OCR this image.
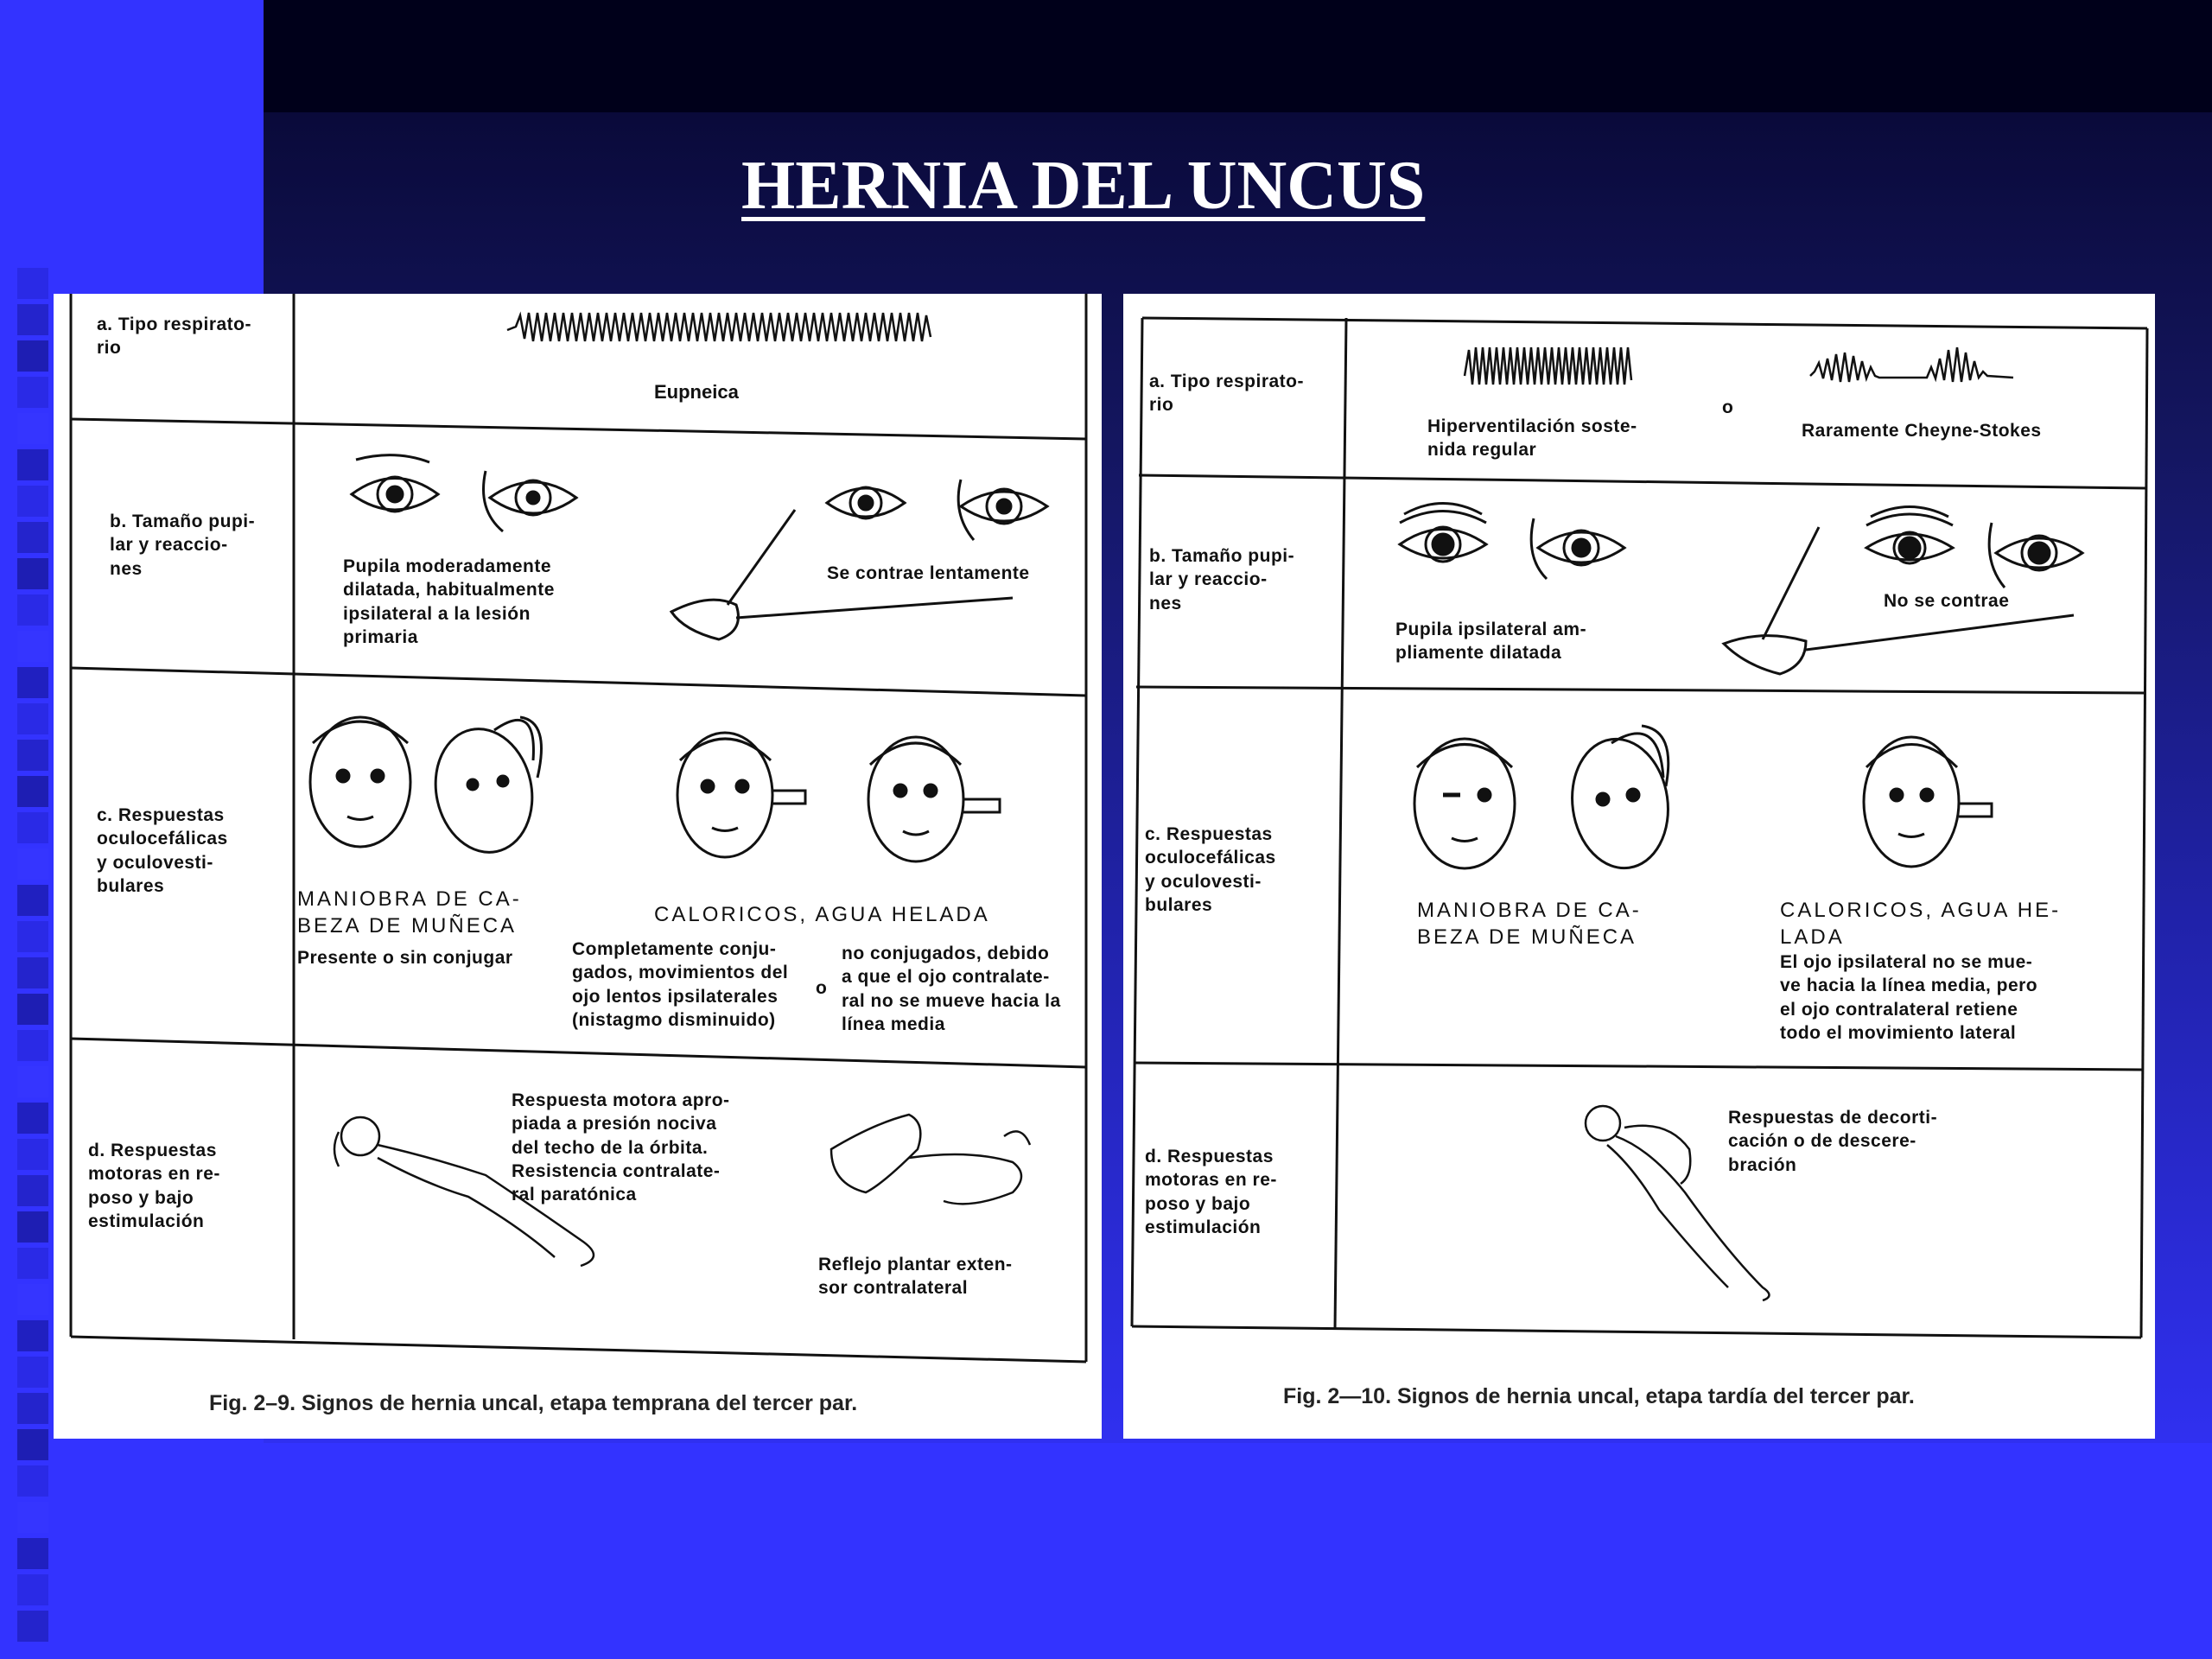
HERNIA DEL UNCUS
a. Tipo respirato-
rio
Eupneica
b. Tamaño pupi-
lar y reaccio-
nes	Pupila moderadamente
dilatada, habitualmente
ipsilateral a la lesión
primaria
Se contrae lentamente
c. Respuestas
oculocefálicas
y oculovesti-
bulares
MANIOBRA DE CA-
BEZA DE MUÑECA
Presente o sin conjugar
CALORICOS, AGUA HELADA
Completamente conju-
gados, movimientos del
ojo lentos ipsilaterales
(nistagmo disminuido)
o
no conjugados, debido
a que el ojo contralate-
ral no se mueve hacia la
línea media
d. Respuestas
motoras en re-
poso y bajo
estimulación
Respuesta motora apro-
piada a presión nociva
del techo de la órbita.
Resistencia contralate-
ral paratónica
Reflejo plantar exten-
sor contralateral
Fig. 2–9. Signos de hernia uncal, etapa temprana del tercer par.
a. Tipo respirato-
rio
Hiperventilación soste-
nida regular
o
Raramente Cheyne-Stokes
b. Tamaño pupi-
lar y reaccio-
nes
Pupila ipsilateral am-
pliamente dilatada
No se contrae
c. Respuestas
oculocefálicas
y oculovesti-
bulares	MANIOBRA DE CA-
BEZA DE MUÑECA
CALORICOS, AGUA HE-
LADA
El ojo ipsilateral no se mue-
ve hacia la línea media, pero
el ojo contralateral retiene
todo el movimiento lateral
d. Respuestas
motoras en re-
poso y bajo
estimulación
Respuestas de decorti-
cación o de descere-
bración
Fig. 2—10. Signos de hernia uncal, etapa tardía del tercer par.
